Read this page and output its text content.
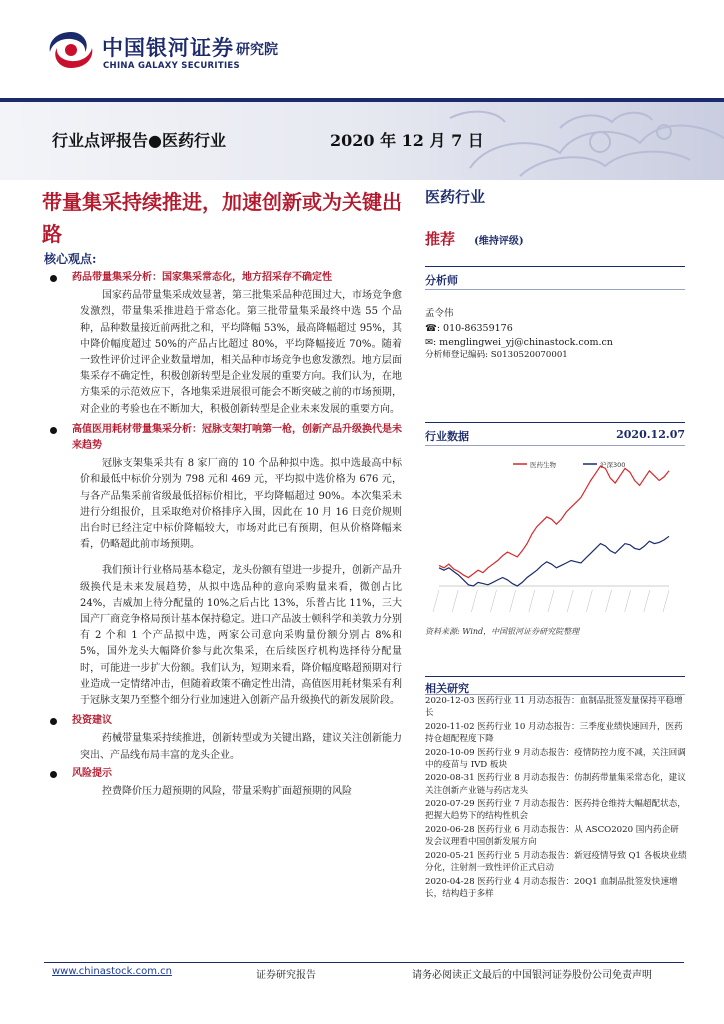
中国银河证券 研究院
CHINA GALAXY SECURITIES
行业点评报告●医药行业	2020 年 12 月 7 日
带量集采持续推进，加速创新或为关键出路
核心观点:
药品带量集采分析：国家集采常态化，地方招采存不确定性
国家药品带量集采成效显著，第三批集采品种范围过大，市场竞争愈发激烈，带量集采推进趋于常态化。第三批带量集采最终中选 55 个品种，品种数量接近前两批之和，平均降幅 53%，最高降幅超过 95%，其中降价幅度超过 50%的产品占比超过 80%，平均降幅接近 70%。随着一致性评价过评企业数量增加，相关品种市场竞争也愈发激烈。地方层面集采存不确定性，积极创新转型是企业发展的重要方向。我们认为，在地方集采的示范效应下，各地集采进展很可能会不断突破之前的市场预期，对企业的考验也在不断加大，积极创新转型是企业未来发展的重要方向。
高值医用耗材带量集采分析：冠脉支架打响第一枪，创新产品升级换代是未来趋势
冠脉支架集采共有 8 家厂商的 10 个品种拟中选。拟中选最高中标价和最低中标价分别为 798 元和 469 元，平均拟中选价格为 676 元，与各产品集采前省级最低招标价相比，平均降幅超过 90%。本次集采未进行分组报价，且采取绝对价格排序入围，因此在 10 月 16 日竞价规则出台时已经注定中标价降幅较大，市场对此已有预期，但从价格降幅来看，仍略超此前市场预期。
我们预计行业格局基本稳定，龙头份额有望进一步提升，创新产品升级换代是未来发展趋势，从拟中选品种的意向采购量来看，微创占比 24%，吉威加上待分配量的 10%之后占比 13%，乐普占比 11%，三大国产厂商竞争格局预计基本保持稳定。进口产品波士顿科学和美敦力分别有 2 个和 1 个产品拟中选，两家公司意向采购量份额分别占 8%和 5%，国外龙头大幅降价参与此次集采，在后续医疗机构选择待分配量时，可能进一步扩大份额。我们认为，短期来看，降价幅度略超预期对行业造成一定情绪冲击，但随着政策不确定性出清，高值医用耗材集采有利于冠脉支架乃至整个细分行业加速进入创新产品升级换代的新发展阶段。
投资建议
药械带量集采持续推进，创新转型或为关键出路，建议关注创新能力突出、产品线布局丰富的龙头企业。
风险提示
控费降价压力超预期的风险，带量采购扩面超预期的风险
医药行业
推荐 (维持评级)
分析师
孟令伟
☎: 010-86359176
✉: menglingwei_yj@chinastock.com.cn
分析师登记编码: S0130520070001
行业数据	2020.12.07
医药生物	沪深300
资料来源: Wind，中国银河证券研究院整理
相关研究
2020-12-03 医药行业 11 月动态报告：血制品批签发量保持平稳增长
2020-11-02 医药行业 10 月动态报告：三季度业绩快速回升，医药持仓超配程度下降
2020-10-09 医药行业 9 月动态报告：疫情防控力度不减，关注回调中的疫苗与 IVD 板块
2020-08-31 医药行业 8 月动态报告：仿制药带量集采常态化，建议关注创新产业链与药店龙头
2020-07-29 医药行业 7 月动态报告：医药持仓维持大幅超配状态，把握大趋势下的结构性机会
2020-06-28 医药行业 6 月动态报告：从 ASCO2020 国内药企研发会议理看中国创新发展方向
2020-05-21 医药行业 5 月动态报告：新冠疫情导致 Q1 各板块业绩分化，注射剂一致性评价正式启动
2020-04-28 医药行业 4 月动态报告：20Q1 血制品批签发快速增长，结构趋于多样
www.chinastock.com.cn	证券研究报告	请务必阅读正文最后的中国银河证券股份公司免责声明
